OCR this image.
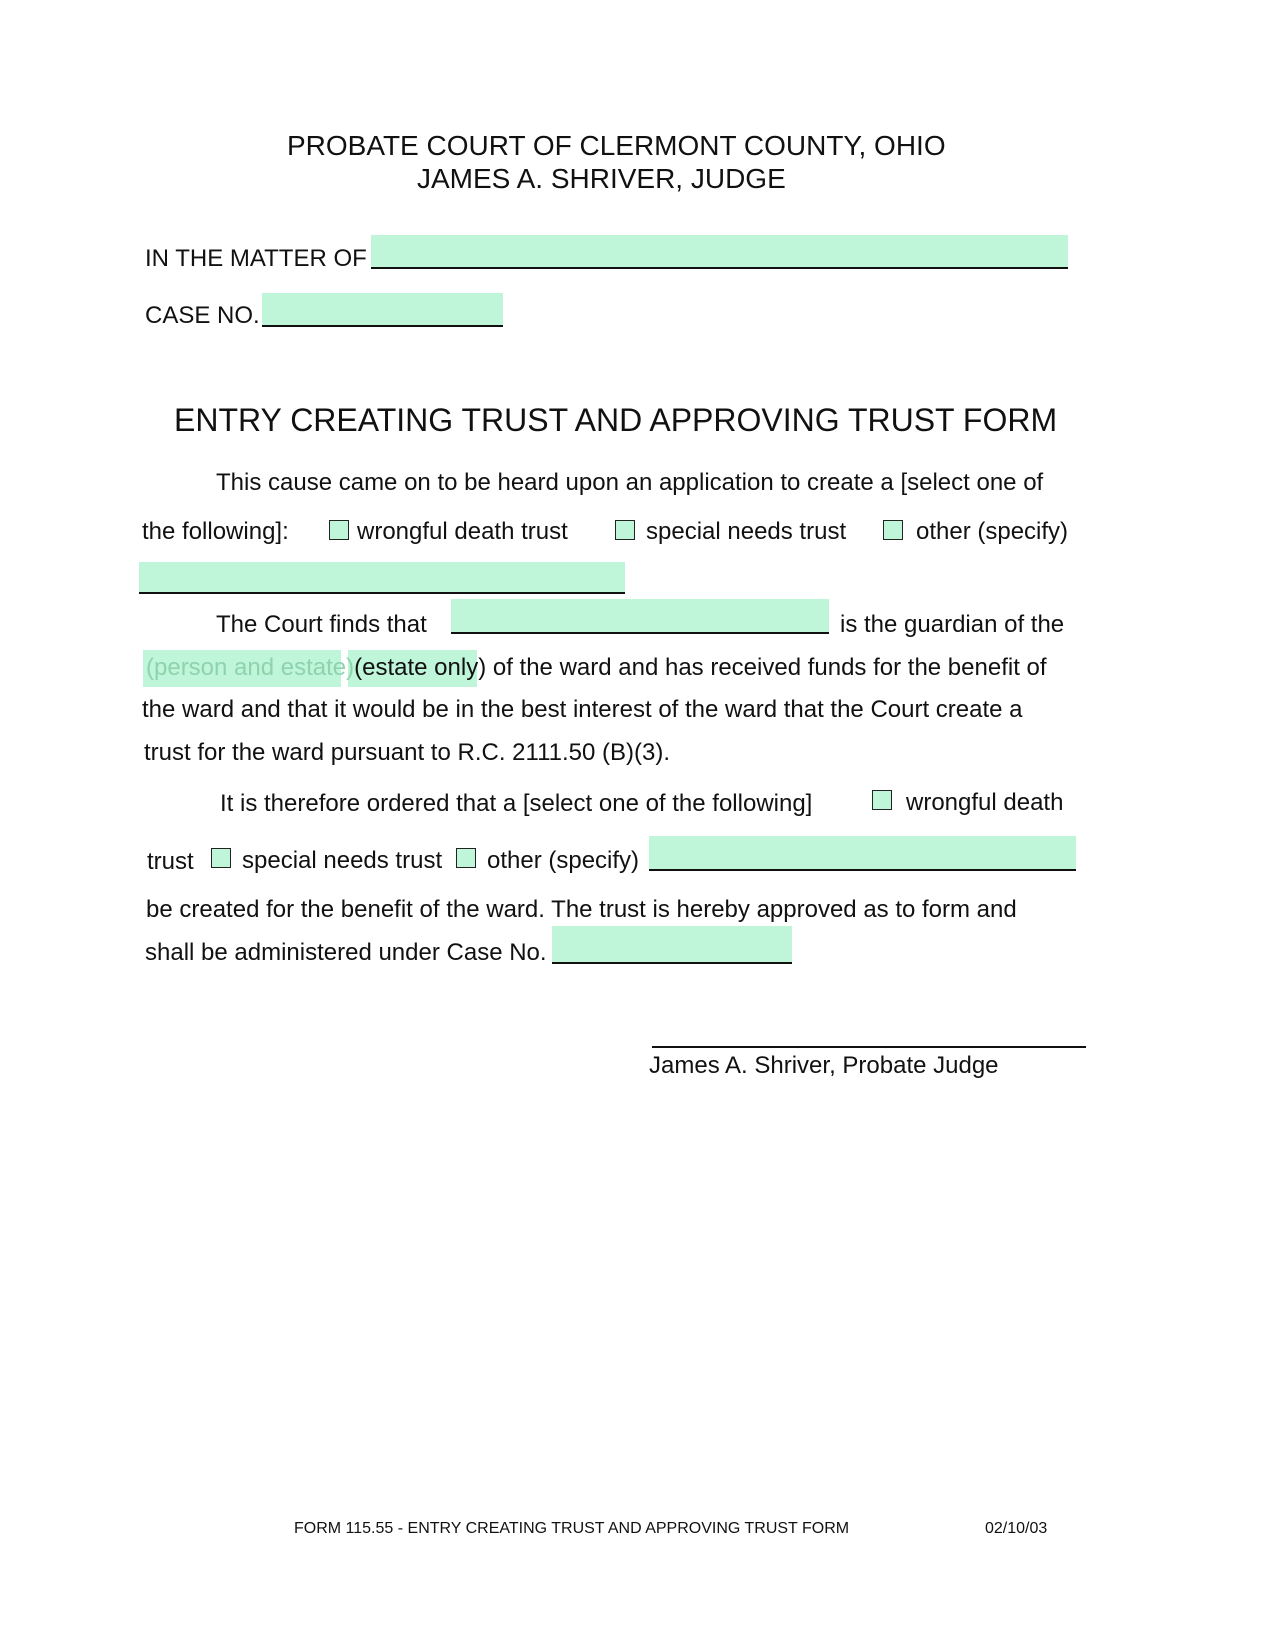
PROBATE COURT OF CLERMONT COUNTY, OHIO
JAMES A. SHRIVER, JUDGE
IN THE MATTER OF
CASE NO.
ENTRY CREATING TRUST AND APPROVING TRUST FORM
This cause came on to be heard upon an application to create a [select one of
the following]:	wrongful death trust	special needs trust	other (specify)
The Court finds that	is the guardian of the
(person and estate)(estate only) of the ward and has received funds for the benefit of
the ward and that it would be in the best interest of the ward that the Court create a
trust for the ward pursuant to R.C. 2111.50 (B)(3).
It is therefore ordered that a [select one of the following]	wrongful death
trust special needs trust other (specify)
be created for the benefit of the ward. The trust is hereby approved as to form and
shall be administered under Case No.
James A. Shriver, Probate Judge
FORM 115.55 - ENTRY CREATING TRUST AND APPROVING TRUST FORM	02/10/03
